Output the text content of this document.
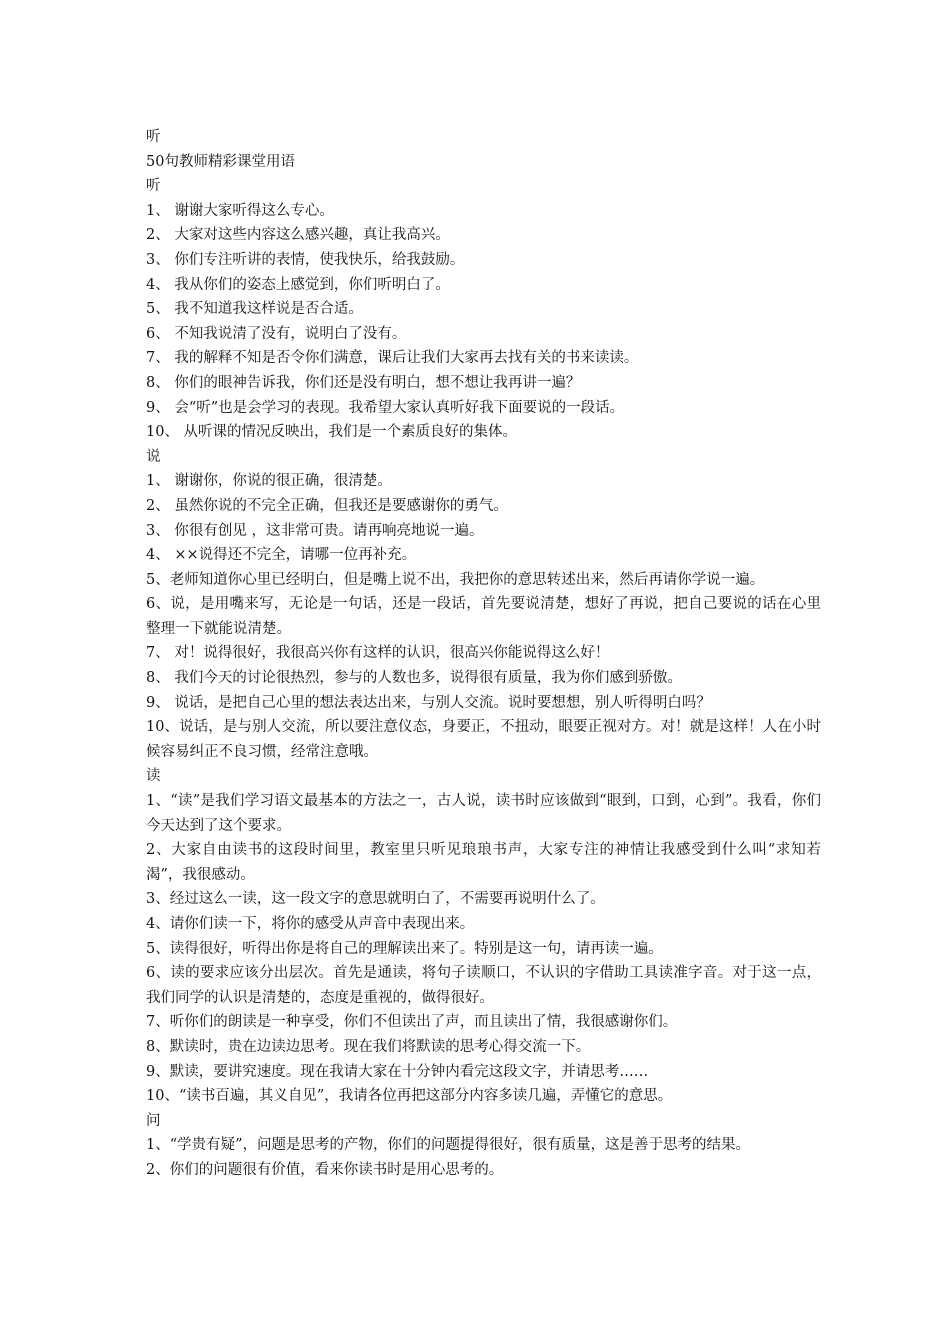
听
50句教师精彩课堂用语
听
1、 谢谢大家听得这么专心。
2、 大家对这些内容这么感兴趣，真让我高兴。
3、 你们专注听讲的表情，使我快乐，给我鼓励。
4、 我从你们的姿态上感觉到，你们听明白了。
5、 我不知道我这样说是否合适。
6、 不知我说清了没有，说明白了没有。
7、 我的解释不知是否令你们满意，课后让我们大家再去找有关的书来读读。
8、 你们的眼神告诉我，你们还是没有明白，想不想让我再讲一遍？
9、 会“听”也是会学习的表现。我希望大家认真听好我下面要说的一段话。
10、 从听课的情况反映出，我们是一个素质良好的集体。
说
1、 谢谢你，你说的很正确，很清楚。
2、 虽然你说的不完全正确，但我还是要感谢你的勇气。
3、 你很有创见 ，这非常可贵。请再响亮地说一遍。
4、 ××说得还不完全，请哪一位再补充。
5、老师知道你心里已经明白，但是嘴上说不出，我把你的意思转述出来，然后再请你学说一遍。
6、说，是用嘴来写，无论是一句话，还是一段话，首先要说清楚，想好了再说，把自己要说的话在心里整理一下就能说清楚。
7、 对！说得很好，我很高兴你有这样的认识，很高兴你能说得这么好！
8、 我们今天的讨论很热烈，参与的人数也多，说得很有质量，我为你们感到骄傲。
9、 说话，是把自己心里的想法表达出来，与别人交流。说时要想想，别人听得明白吗？
10、说话，是与别人交流，所以要注意仪态，身要正，不扭动，眼要正视对方。对！就是这样！人在小时候容易纠正不良习惯，经常注意哦。
读
1、“读”是我们学习语文最基本的方法之一，古人说，读书时应该做到“眼到，口到，心到”。我看，你们今天达到了这个要求。
2、大家自由读书的这段时间里，教室里只听见琅琅书声，大家专注的神情让我感受到什么叫“求知若渴”，我很感动。
3、经过这么一读，这一段文字的意思就明白了，不需要再说明什么了。
4、请你们读一下，将你的感受从声音中表现出来。
5、读得很好，听得出你是将自己的理解读出来了。特别是这一句，请再读一遍。
6、读的要求应该分出层次。首先是通读，将句子读顺口，不认识的字借助工具读准字音。对于这一点，我们同学的认识是清楚的，态度是重视的，做得很好。
7、听你们的朗读是一种享受，你们不但读出了声，而且读出了情，我很感谢你们。
8、默读时，贵在边读边思考。现在我们将默读的思考心得交流一下。
9、默读，要讲究速度。现在我请大家在十分钟内看完这段文字，并请思考……
10、“读书百遍，其义自见”，我请各位再把这部分内容多读几遍，弄懂它的意思。
问
1、“学贵有疑”，问题是思考的产物，你们的问题提得很好，很有质量，这是善于思考的结果。
2、你们的问题很有价值，看来你读书时是用心思考的。
